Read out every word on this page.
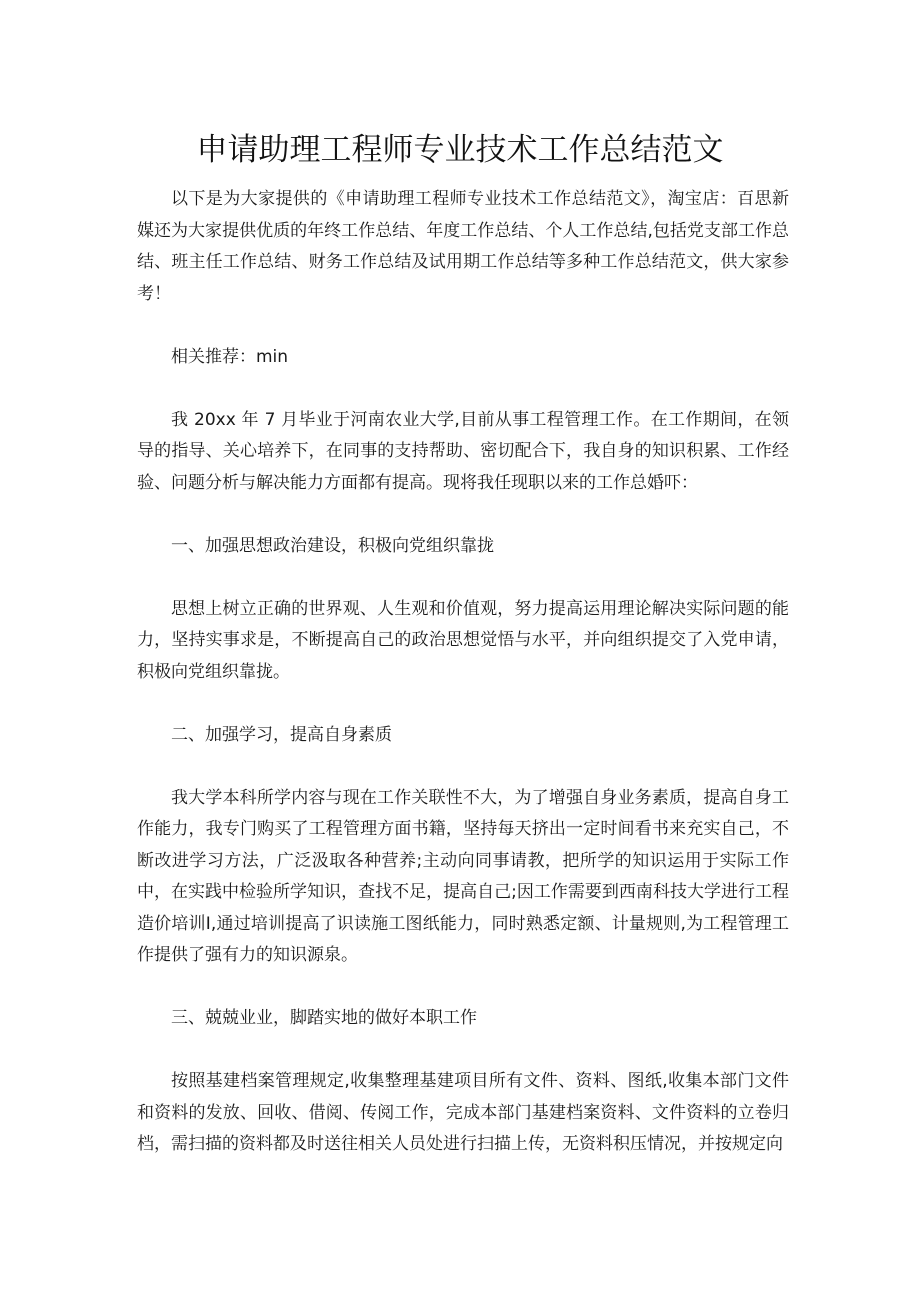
申请助理工程师专业技术工作总结范文

以下是为大家提供的《申请助理工程师专业技术工作总结范文》，淘宝店：百思新媒还为大家提供优质的年终工作总结、年度工作总结、个人工作总结,包括党支部工作总结、班主任工作总结、财务工作总结及试用期工作总结等多种工作总结范文，供大家参考！

相关推荐：min

我 20xx 年 7 月毕业于河南农业大学,目前从事工程管理工作。在工作期间，在领导的指导、关心培养下，在同事的支持帮助、密切配合下，我自身的知识积累、工作经验、问题分析与解决能力方面都有提高。现将我任现职以来的工作总婚吓：

一、加强思想政治建设，积极向党组织靠拢

思想上树立正确的世界观、人生观和价值观，努力提高运用理论解决实际问题的能力，坚持实事求是，不断提高自己的政治思想觉悟与水平，并向组织提交了入党申请，积极向党组织靠拢。

二、加强学习，提高自身素质

我大学本科所学内容与现在工作关联性不大，为了增强自身业务素质，提高自身工作能力，我专门购买了工程管理方面书籍，坚持每天挤出一定时间看书来充实自己，不断改进学习方法，广泛汲取各种营养;主动向同事请教，把所学的知识运用于实际工作中，在实践中检验所学知识，查找不足，提高自己;因工作需要到西南科技大学进行工程造价培训Ⅰ,通过培训提高了识读施工图纸能力，同时熟悉定额、计量规则,为工程管理工作提供了强有力的知识源泉。

三、兢兢业业，脚踏实地的做好本职工作

按照基建档案管理规定,收集整理基建项目所有文件、资料、图纸,收集本部门文件和资料的发放、回收、借阅、传阅工作，完成本部门基建档案资料、文件资料的立卷归档，需扫描的资料都及时送往相关人员处进行扫描上传，无资料积压情况，并按规定向
